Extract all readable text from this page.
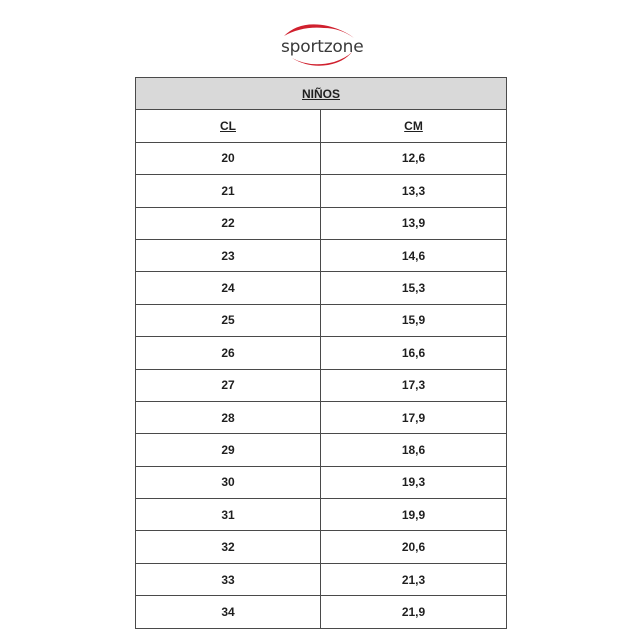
sportzone
NIÑOS	
CL	CM
20	12,6
21	13,3
22	13,9
23	14,6
24	15,3
25	15,9
26	16,6
27	17,3
28	17,9
29	18,6
30	19,3
31	19,9
32	20,6
33	21,3
34	21,9
